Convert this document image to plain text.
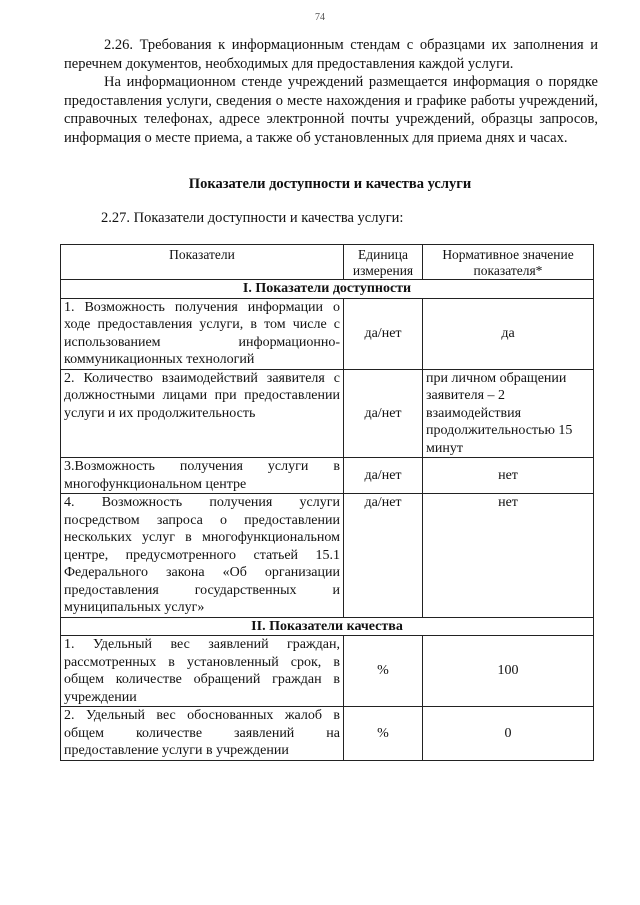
74

2.26. Требования к информационным стендам с образцами их заполнения и перечнем документов, необходимых для предоставления каждой услуги.

На информационном стенде учреждений размещается информация о порядке предоставления услуги, сведения о месте нахождения и графике работы учреждений, справочных телефонах, адресе электронной почты учреждений, образцы запросов, информация о месте приема, а также об установленных для приема днях и часах.

Показатели доступности и качества услуги
2.27. Показатели доступности и качества услуги:
Показатели	Единица измерения	Нормативное значение показателя*
I. Показатели доступности		
1. Возможность получения информации о ходе предоставления услуги, в том числе с использованием информационно-коммуникационных технологий	да/нет	да
2. Количество взаимодействий заявителя с должностными лицами при предоставлении услуги и их продолжительность	да/нет	при личном обращении заявителя – 2 взаимодействия продолжительностью 15 минут
3.Возможность получения услуги в многофункциональном центре	да/нет	нет
4. Возможность получения услуги посредством запроса о предоставлении нескольких услуг в многофункциональном центре, предусмотренного статьей 15.1 Федерального закона «Об организации предоставления государственных и муниципальных услуг»	да/нет	нет
II. Показатели качества		
1. Удельный вес заявлений граждан, рассмотренных в установленный срок, в общем количестве обращений граждан в учреждении	%	100
2. Удельный вес обоснованных жалоб в общем количестве заявлений на предоставление услуги в учреждении	%	0
